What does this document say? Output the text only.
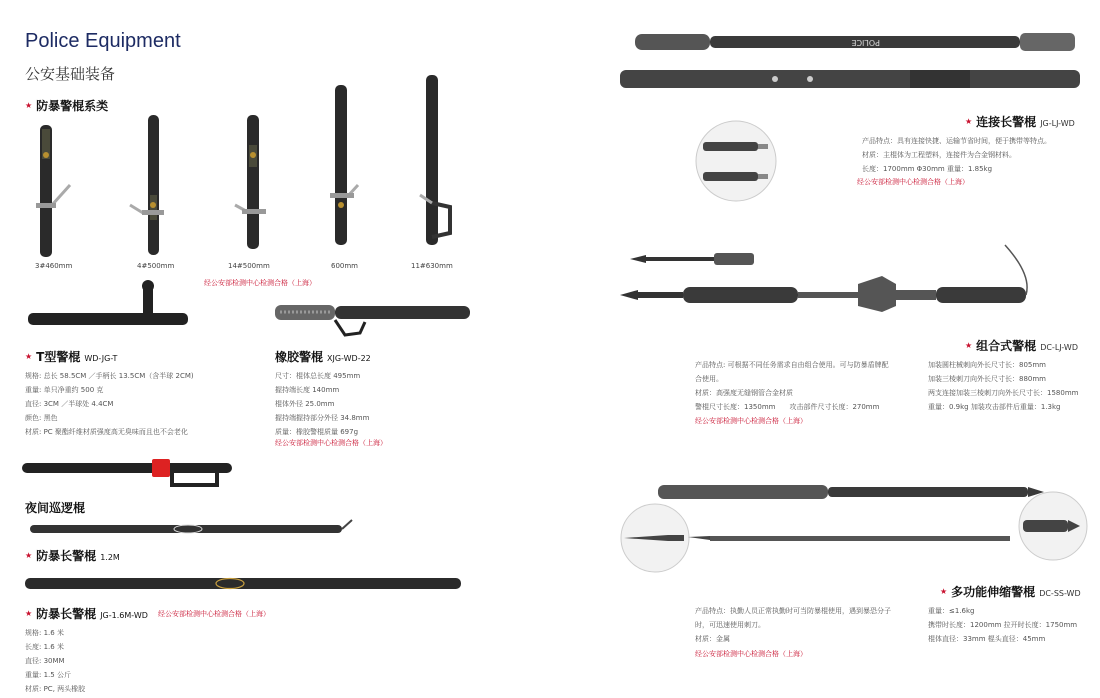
Police Equipment
公安基础装备
★ 防暴警棍系类
3#460mm	4#500mm	14#500mm	600mm	11#630mm
经公安部检测中心检测合格（上海）
★ T型警棍 WD-JG-T
规格: 总长 58.5CM ／手柄长 13.5CM（含半球 2CM)
重量: 单只净重约 500 克
直径: 3CM ／半球处 4.4CM
颜色: 黑色
材质: PC 聚酯纤维材质强度高无臭味而且也不会老化
橡胶警棍 XJG-WD-22
尺寸：棍体总长度 495mm
握持端长度 140mm
棍体外径 25.0mm
握持端握持部分外径 34.8mm
质量：橡胶警棍质量 697g
经公安部检测中心检测合格（上海）
夜间巡逻棍
★ 防暴长警棍 1.2M
★ 防暴长警棍 JG-1.6M-WD 经公安部检测中心检测合格（上海）
规格: 1.6 米
长度: 1.6 米
直径: 30MM
重量: 1.5 公斤
材质: PC, 两头橡胶
POLICE
★ 连接长警棍 JG-LJ-WD
产品特点：具有连接快捷、运输节省时间，便于携带等特点。
材质：主棍体为工程塑料，连接件为合金钢材料。
长度：1700mm Φ30mm 重量：1.85kg
经公安部检测中心检测合格（上海）
★ 组合式警棍 DC-LJ-WD
产品特点: 可根据不同任务需求自由组合使用。可与防暴盾牌配
合使用。
材质：高强度无缝钢管合金材质
警棍尺寸长度：1350mm　　攻击部件尺寸长度：270mm
经公安部检测中心检测合格（上海）
加装圆柱械刺向外长尺寸长：805mm
加装三棱刺刀向外长尺寸长：880mm
两支连接加装三棱刺刀向外长尺寸长：1580mm
重量：0.9kg 加装攻击部件后重量：1.3kg
★ 多功能伸缩警棍 DC-SS-WD
产品特点：执勤人员正常执勤时可当防暴棍使用，遇到暴恐分子
时，可迅速使用刺刀。
材质：金属
经公安部检测中心检测合格（上海）
重量：≤1.6kg
携带时长度：1200mm 拉开时长度：1750mm
棍体直径：33mm 棍头直径：45mm
